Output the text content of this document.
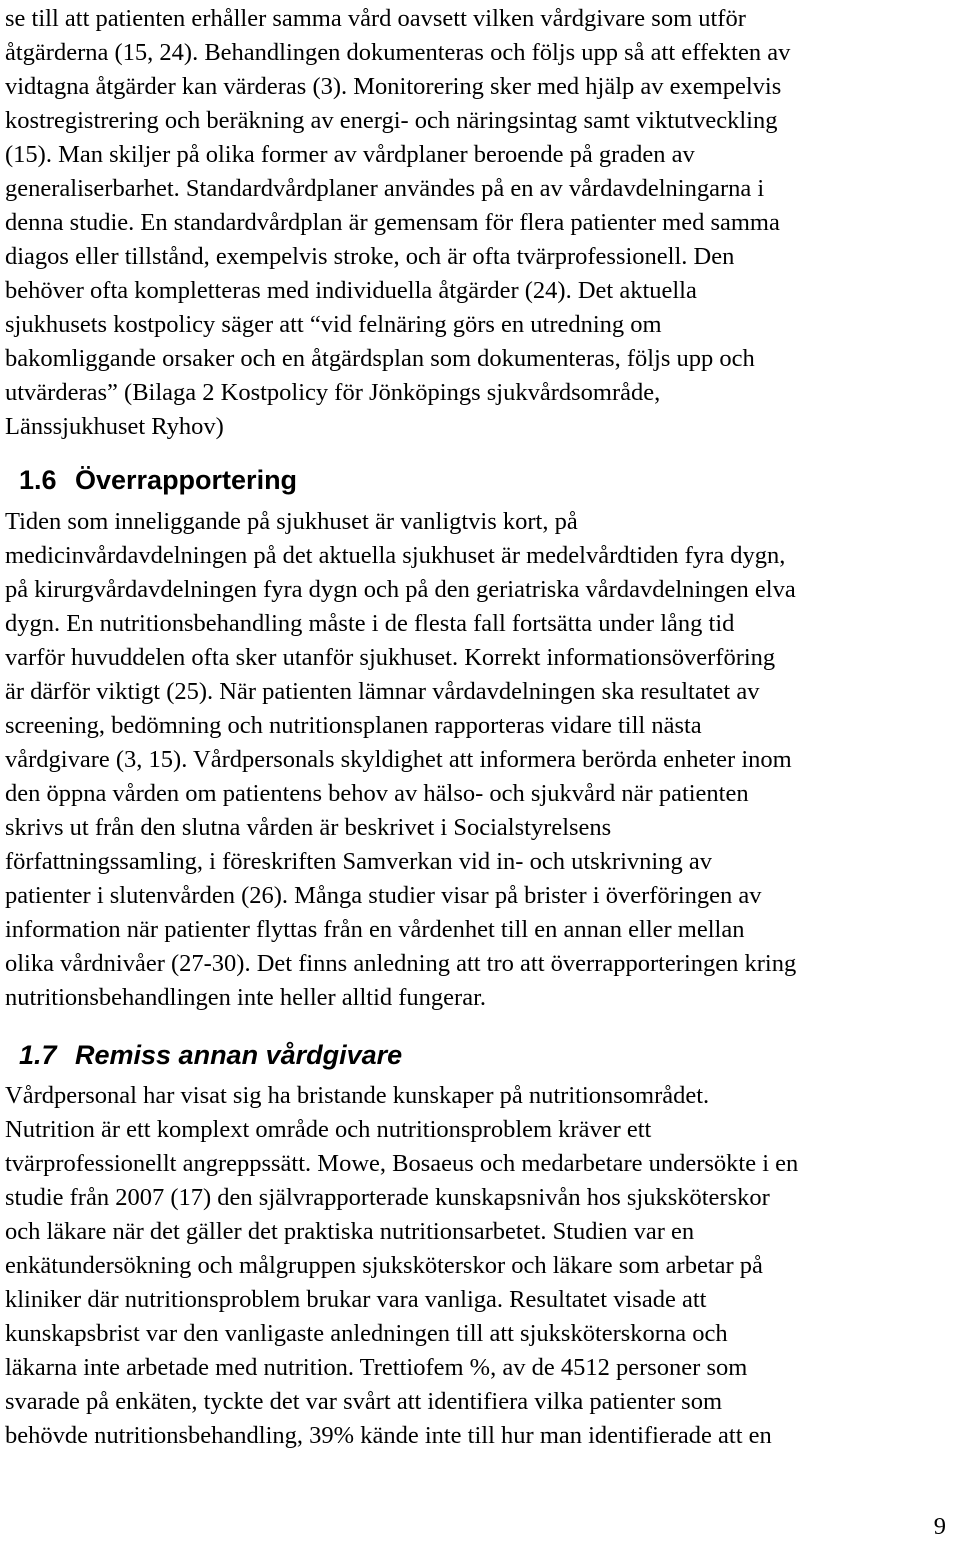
se till att patienten erhåller samma vård oavsett vilken vårdgivare som utför
åtgärderna (15, 24). Behandlingen dokumenteras och följs upp så att effekten av
vidtagna åtgärder kan värderas (3). Monitorering sker med hjälp av exempelvis
kostregistrering och beräkning av energi- och näringsintag samt viktutveckling
(15). Man skiljer på olika former av vårdplaner beroende på graden av
generaliserbarhet. Standardvårdplaner användes på en av vårdavdelningarna i
denna studie. En standardvårdplan är gemensam för flera patienter med samma
diagos eller tillstånd, exempelvis stroke, och är ofta tvärprofessionell. Den
behöver ofta kompletteras med individuella åtgärder (24). Det aktuella
sjukhusets kostpolicy säger att “vid felnäring görs en utredning om
bakomliggande orsaker och en åtgärdsplan som dokumenteras, följs upp och
utvärderas” (Bilaga 2 Kostpolicy för Jönköpings sjukvårdsområde,
Länssjukhuset Ryhov)
1.6 Överrapportering
Tiden som inneliggande på sjukhuset är vanligtvis kort, på
medicinvårdavdelningen på det aktuella sjukhuset är medelvårdtiden fyra dygn,
på kirurgvårdavdelningen fyra dygn och på den geriatriska vårdavdelningen elva
dygn. En nutritionsbehandling måste i de flesta fall fortsätta under lång tid
varför huvuddelen ofta sker utanför sjukhuset. Korrekt informationsöverföring
är därför viktigt (25). När patienten lämnar vårdavdelningen ska resultatet av
screening, bedömning och nutritionsplanen rapporteras vidare till nästa
vårdgivare (3, 15). Vårdpersonals skyldighet att informera berörda enheter inom
den öppna vården om patientens behov av hälso- och sjukvård när patienten
skrivs ut från den slutna vården är beskrivet i Socialstyrelsens
författningssamling, i föreskriften Samverkan vid in- och utskrivning av
patienter i slutenvården (26). Många studier visar på brister i överföringen av
information när patienter flyttas från en vårdenhet till en annan eller mellan
olika vårdnivåer (27-30). Det finns anledning att tro att överrapporteringen kring
nutritionsbehandlingen inte heller alltid fungerar.
1.7 Remiss annan vårdgivare
Vårdpersonal har visat sig ha bristande kunskaper på nutritionsområdet.
Nutrition är ett komplext område och nutritionsproblem kräver ett
tvärprofessionellt angreppssätt. Mowe, Bosaeus och medarbetare undersökte i en
studie från 2007 (17) den självrapporterade kunskapsnivån hos sjuksköterskor
och läkare när det gäller det praktiska nutritionsarbetet. Studien var en
enkätundersökning och målgruppen sjuksköterskor och läkare som arbetar på
kliniker där nutritionsproblem brukar vara vanliga. Resultatet visade att
kunskapsbrist var den vanligaste anledningen till att sjuksköterskorna och
läkarna inte arbetade med nutrition. Trettiofem %, av de 4512 personer som
svarade på enkäten, tyckte det var svårt att identifiera vilka patienter som
behövde nutritionsbehandling, 39% kände inte till hur man identifierade att en
9
